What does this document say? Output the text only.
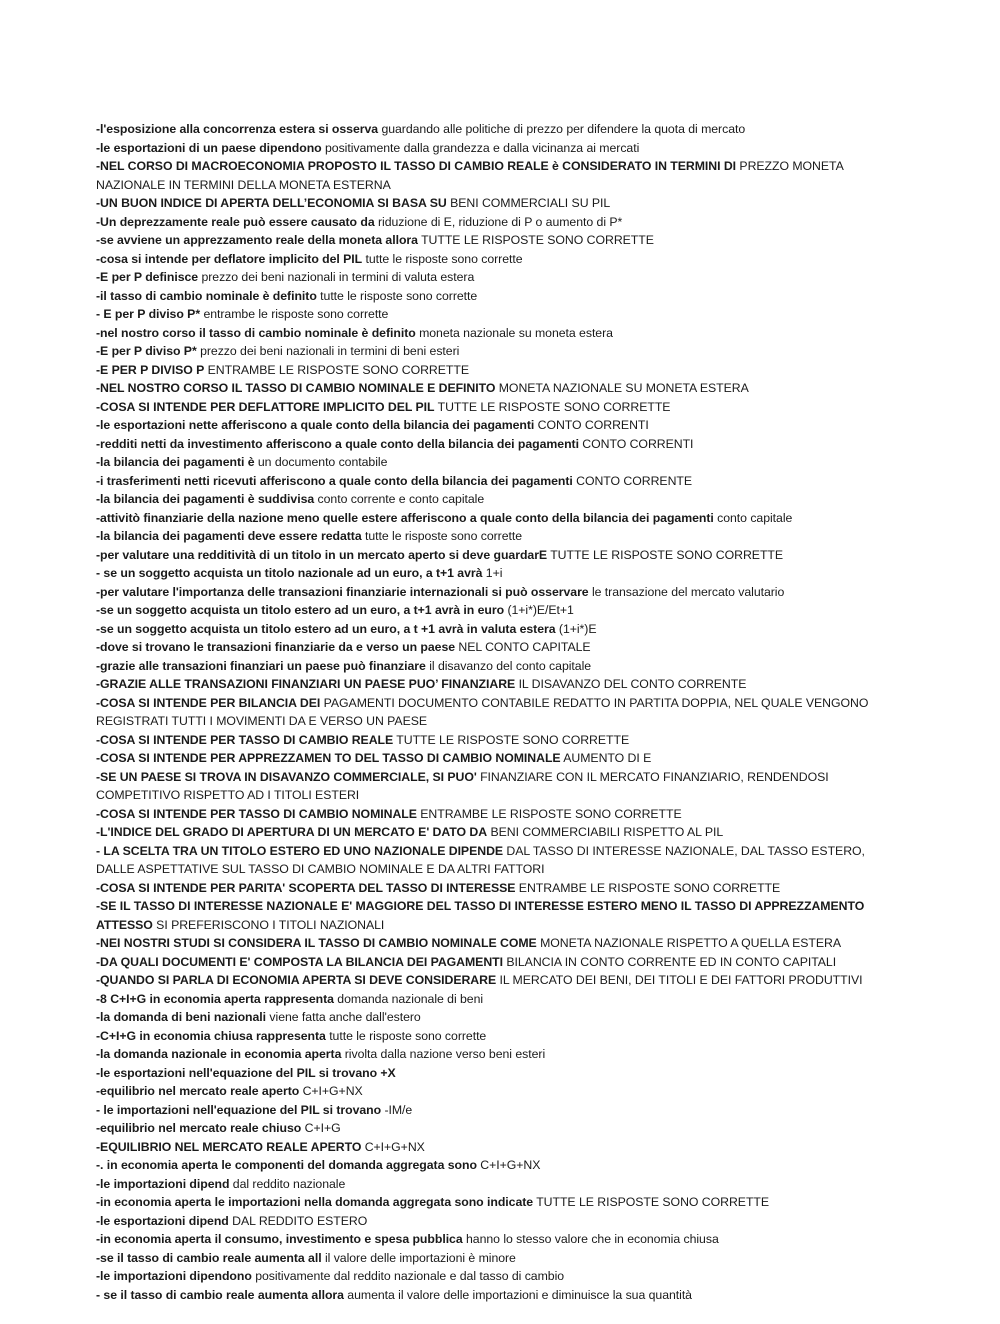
-l'esposizione alla concorrenza estera si osserva guardando alle politiche di prezzo per difendere la quota di mercato
-le esportazioni di un paese dipendono positivamente dalla grandezza e dalla vicinanza ai mercati
-NEL CORSO DI MACROECONOMIA PROPOSTO IL TASSO DI CAMBIO REALE è CONSIDERATO IN TERMINI DI PREZZO MONETA NAZIONALE IN TERMINI DELLA MONETA ESTERNA
-UN BUON INDICE DI APERTA DELL’ECONOMIA SI BASA SU BENI COMMERCIALI SU PIL
-Un deprezzamente reale può essere causato da riduzione di E, riduzione di P o aumento di P*
-se avviene un apprezzamento reale della moneta allora TUTTE LE RISPOSTE SONO CORRETTE
-cosa si intende per deflatore implicito del PIL tutte le risposte sono corrette
-E per P definisce prezzo dei beni nazionali in termini di valuta estera
-il tasso di cambio nominale è definito tutte le risposte sono corrette
- E per P diviso P* entrambe le risposte sono corrette
-nel nostro corso il tasso di cambio nominale è definito moneta nazionale su moneta estera
-E per P diviso P* prezzo dei beni nazionali in termini di beni esteri
-E PER P DIVISO P ENTRAMBE LE RISPOSTE SONO CORRETTE
-NEL NOSTRO CORSO IL TASSO DI CAMBIO NOMINALE E DEFINITO MONETA NAZIONALE SU MONETA ESTERA
-COSA SI INTENDE PER DEFLATTORE IMPLICITO DEL PIL TUTTE LE RISPOSTE SONO CORRETTE
-le esportazioni nette afferiscono a quale conto della bilancia dei pagamenti CONTO CORRENTI
-redditi netti da investimento afferiscono a quale conto della bilancia dei pagamenti CONTO CORRENTI
-la bilancia dei pagamenti è un documento contabile
-i trasferimenti netti ricevuti afferiscono a quale conto della bilancia dei pagamenti CONTO CORRENTE
-la bilancia dei pagamenti è suddivisa conto corrente e conto capitale
-attivitò finanziarie della nazione meno quelle estere afferiscono a quale conto della bilancia dei pagamenti conto capitale
-la bilancia dei pagamenti deve essere redatta tutte le risposte sono corrette
-per valutare una redditività di un titolo in un mercato aperto si deve guardarE TUTTE LE RISPOSTE SONO CORRETTE
- se un soggetto acquista un titolo nazionale ad un euro, a t+1 avrà 1+i
-per valutare l'importanza delle transazioni finanziarie internazionali si può osservare le transazione del mercato valutario
-se un soggetto acquista un titolo estero ad un euro, a t+1 avrà in euro (1+i*)E/Et+1
-se un soggetto acquista un titolo estero ad un euro, a t +1 avrà in valuta estera (1+i*)E
-dove si trovano le transazioni finanziarie da e verso un paese NEL CONTO CAPITALE
-grazie alle transazioni finanziari un paese può finanziare il disavanzo del conto capitale
-GRAZIE ALLE TRANSAZIONI FINANZIARI UN PAESE PUO’ FINANZIARE IL DISAVANZO DEL CONTO CORRENTE
-COSA SI INTENDE PER BILANCIA DEI PAGAMENTI DOCUMENTO CONTABILE REDATTO IN PARTITA DOPPIA, NEL QUALE VENGONO REGISTRATI TUTTI I MOVIMENTI DA E VERSO UN PAESE
-COSA SI INTENDE PER TASSO DI CAMBIO REALE TUTTE LE RISPOSTE SONO CORRETTE
-COSA SI INTENDE PER APPREZZAMEN TO DEL TASSO DI CAMBIO NOMINALE AUMENTO DI E
-SE UN PAESE SI TROVA IN DISAVANZO COMMERCIALE, SI PUO' FINANZIARE CON IL MERCATO FINANZIARIO, RENDENDOSI COMPETITIVO RISPETTO AD I TITOLI ESTERI
-COSA SI INTENDE PER TASSO DI CAMBIO NOMINALE ENTRAMBE LE RISPOSTE SONO CORRETTE
-L'INDICE DEL GRADO DI APERTURA DI UN MERCATO E' DATO DA BENI COMMERCIABILI RISPETTO AL PIL
- LA SCELTA TRA UN TITOLO ESTERO ED UNO NAZIONALE DIPENDE DAL TASSO DI INTERESSE NAZIONALE, DAL TASSO ESTERO, DALLE ASPETTATIVE SUL TASSO DI CAMBIO NOMINALE E DA ALTRI FATTORI
-COSA SI INTENDE PER PARITA' SCOPERTA DEL TASSO DI INTERESSE ENTRAMBE LE RISPOSTE SONO CORRETTE
-SE IL TASSO DI INTERESSE NAZIONALE E' MAGGIORE DEL TASSO DI INTERESSE ESTERO MENO IL TASSO DI APPREZZAMENTO ATTESSO SI PREFERISCONO I TITOLI NAZIONALI
-NEI NOSTRI STUDI SI CONSIDERA IL TASSO DI CAMBIO NOMINALE COME MONETA NAZIONALE RISPETTO A QUELLA ESTERA
-DA QUALI DOCUMENTI E' COMPOSTA LA BILANCIA DEI PAGAMENTI BILANCIA IN CONTO CORRENTE ED IN CONTO CAPITALI
-QUANDO SI PARLA DI ECONOMIA APERTA SI DEVE CONSIDERARE IL MERCATO DEI BENI, DEI TITOLI E DEI FATTORI PRODUTTIVI
-8 C+I+G in economia aperta rappresenta domanda nazionale di beni
-la domanda di beni nazionali viene fatta anche dall'estero
-C+I+G in economia chiusa rappresenta tutte le risposte sono corrette
-la domanda nazionale in economia aperta rivolta dalla nazione verso beni esteri
-le esportazioni nell'equazione del PIL si trovano +X
-equilibrio nel mercato reale aperto C+I+G+NX
- le importazioni nell'equazione del PIL si trovano -IM/e
-equilibrio nel mercato reale chiuso C+I+G
-EQUILIBRIO NEL MERCATO REALE APERTO C+I+G+NX
-. in economia aperta le componenti del domanda aggregata sono C+I+G+NX
-le importazioni dipend dal reddito nazionale
-in economia aperta le importazioni nella domanda aggregata sono indicate TUTTE LE RISPOSTE SONO CORRETTE
-le esportazioni dipend DAL REDDITO ESTERO
-in economia aperta il consumo, investimento e spesa pubblica hanno lo stesso valore che in economia chiusa
-se il tasso di cambio reale aumenta all il valore delle importazioni è minore
-le importazioni dipendono positivamente dal reddito nazionale e dal tasso di cambio
- se il tasso di cambio reale aumenta allora aumenta il valore delle importazioni e diminuisce la sua quantità
